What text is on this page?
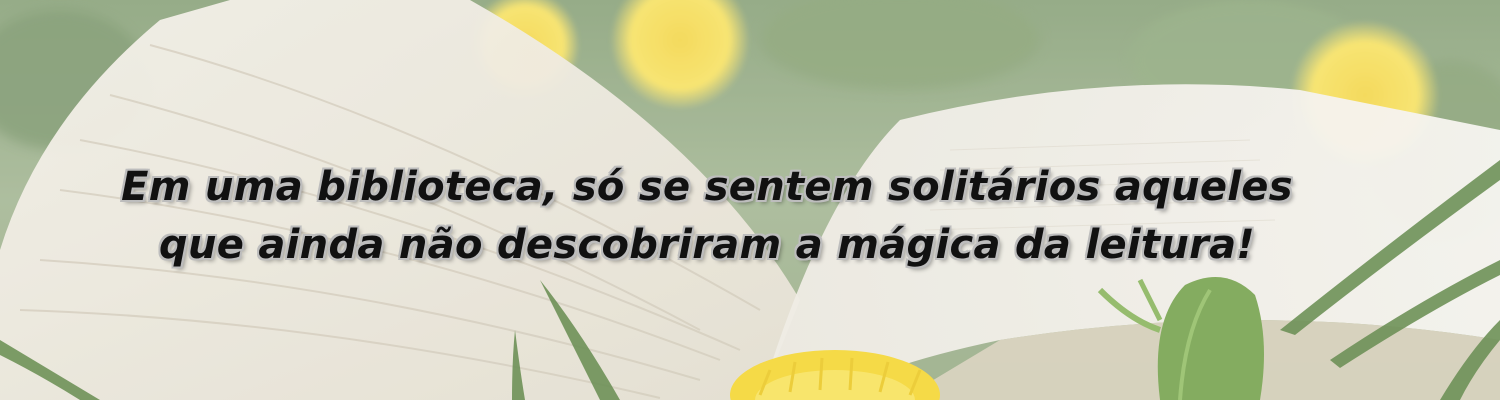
Em uma biblioteca, só se sentem solitários aqueles
que ainda não descobriram a mágica da leitura!
